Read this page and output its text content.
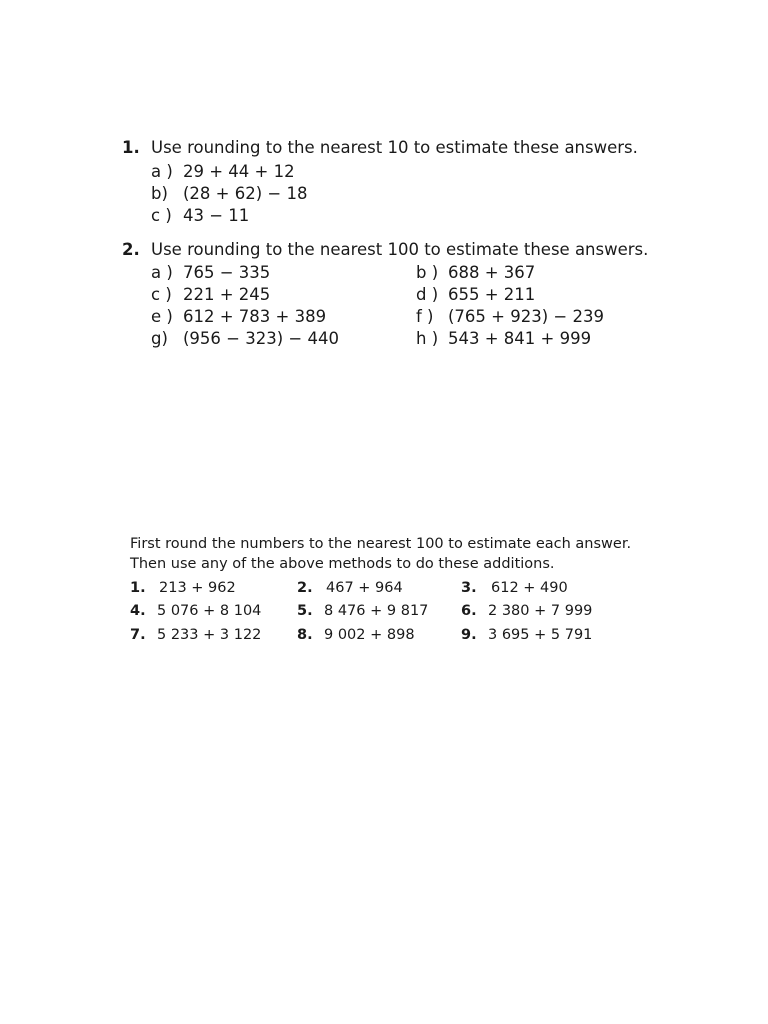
1. Use rounding to the nearest 10 to estimate these answers.
a ) 29 + 44 + 12
b) (28 + 62) − 18
c ) 43 − 11
2. Use rounding to the nearest 100 to estimate these answers.
a ) 765 − 335	b ) 688 + 367
c ) 221 + 245	d ) 655 + 211
e ) 612 + 783 + 389	f ) (765 + 923) − 239
g) (956 − 323) − 440	h ) 543 + 841 + 999
First round the numbers to the nearest 100 to estimate each answer.
Then use any of the above methods to do these additions.
1. 213 + 962	2. 467 + 964	3. 612 + 490
4. 5 076 + 8 104 5. 8 476 + 9 817 6. 2 380 + 7 999
7. 5 233 + 3 122 8. 9 002 + 898	9. 3 695 + 5 791
